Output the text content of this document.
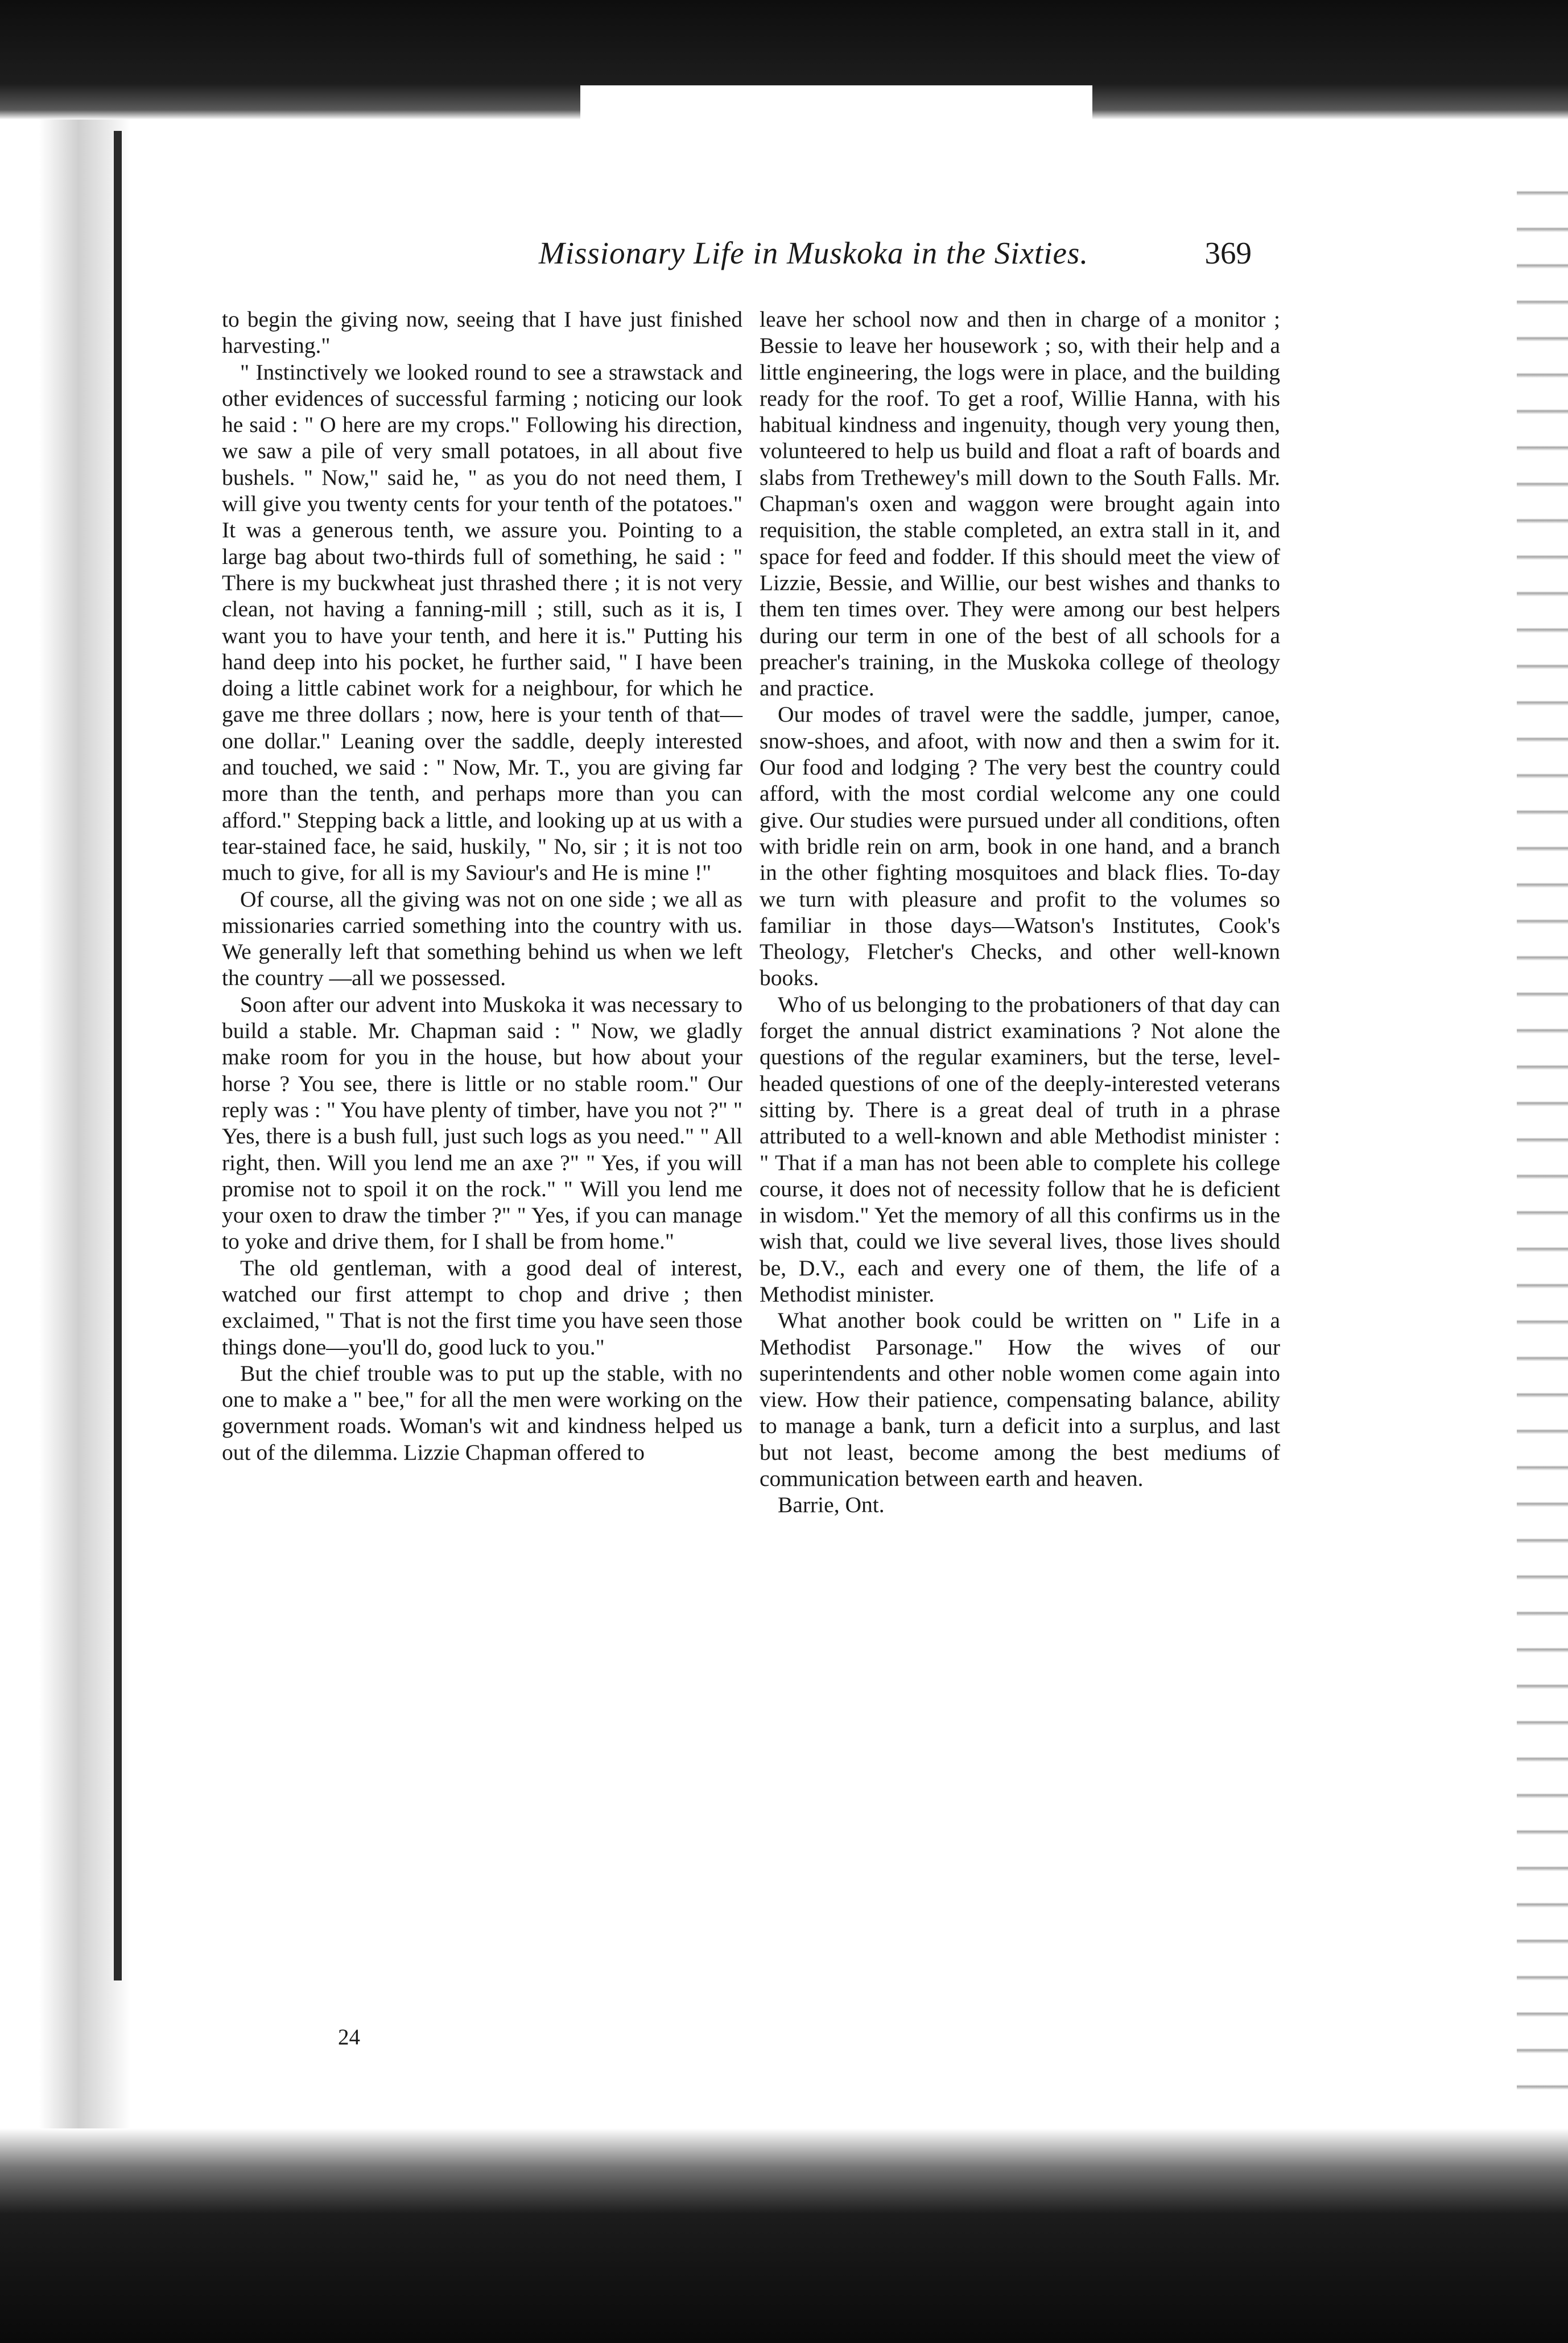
Missionary Life in Muskoka in the Sixties.	369

to begin the giving now, seeing that I have just finished harvesting."

" Instinctively we looked round to see a strawstack and other evidences of successful farming ; noticing our look he said : " O here are my crops." Following his direction, we saw a pile of very small potatoes, in all about five bushels. " Now," said he, " as you do not need them, I will give you twenty cents for your tenth of the potatoes." It was a generous tenth, we assure you. Pointing to a large bag about two-thirds full of something, he said : " There is my buckwheat just thrashed there ; it is not very clean, not having a fanning-mill ; still, such as it is, I want you to have your tenth, and here it is." Putting his hand deep into his pocket, he further said, " I have been doing a little cabinet work for a neighbour, for which he gave me three dollars ; now, here is your tenth of that—one dollar." Leaning over the saddle, deeply interested and touched, we said : " Now, Mr. T., you are giving far more than the tenth, and perhaps more than you can afford." Stepping back a little, and looking up at us with a tear-stained face, he said, huskily, " No, sir ; it is not too much to give, for all is my Saviour's and He is mine !"

Of course, all the giving was not on one side ; we all as missionaries carried something into the country with us. We generally left that something behind us when we left the country —all we possessed.

Soon after our advent into Muskoka it was necessary to build a stable. Mr. Chapman said : " Now, we gladly make room for you in the house, but how about your horse ? You see, there is little or no stable room." Our reply was : " You have plenty of timber, have you not ?" " Yes, there is a bush full, just such logs as you need." " All right, then. Will you lend me an axe ?" " Yes, if you will promise not to spoil it on the rock." " Will you lend me your oxen to draw the timber ?" " Yes, if you can manage to yoke and drive them, for I shall be from home."

The old gentleman, with a good deal of interest, watched our first attempt to chop and drive ; then exclaimed, " That is not the first time you have seen those things done—you'll do, good luck to you."

But the chief trouble was to put up the stable, with no one to make a " bee," for all the men were working on the government roads. Woman's wit and kindness helped us out of the dilemma. Lizzie Chapman offered to

24

leave her school now and then in charge of a monitor ; Bessie to leave her housework ; so, with their help and a little engineering, the logs were in place, and the building ready for the roof. To get a roof, Willie Hanna, with his habitual kindness and ingenuity, though very young then, volunteered to help us build and float a raft of boards and slabs from Trethewey's mill down to the South Falls. Mr. Chapman's oxen and waggon were brought again into requisition, the stable completed, an extra stall in it, and space for feed and fodder. If this should meet the view of Lizzie, Bessie, and Willie, our best wishes and thanks to them ten times over. They were among our best helpers during our term in one of the best of all schools for a preacher's training, in the Muskoka college of theology and practice.

Our modes of travel were the saddle, jumper, canoe, snow-shoes, and afoot, with now and then a swim for it. Our food and lodging ? The very best the country could afford, with the most cordial welcome any one could give. Our studies were pursued under all conditions, often with bridle rein on arm, book in one hand, and a branch in the other fighting mosquitoes and black flies. To-day we turn with pleasure and profit to the volumes so familiar in those days—Watson's Institutes, Cook's Theology, Fletcher's Checks, and other well-known books.

Who of us belonging to the probationers of that day can forget the annual district examinations ? Not alone the questions of the regular examiners, but the terse, level-headed questions of one of the deeply-interested veterans sitting by. There is a great deal of truth in a phrase attributed to a well-known and able Methodist minister : " That if a man has not been able to complete his college course, it does not of necessity follow that he is deficient in wisdom." Yet the memory of all this confirms us in the wish that, could we live several lives, those lives should be, D.V., each and every one of them, the life of a Methodist minister.

What another book could be written on " Life in a Methodist Parsonage." How the wives of our superintendents and other noble women come again into view. How their patience, compensating balance, ability to manage a bank, turn a deficit into a surplus, and last but not least, become among the best mediums of communication between earth and heaven.

Barrie, Ont.
